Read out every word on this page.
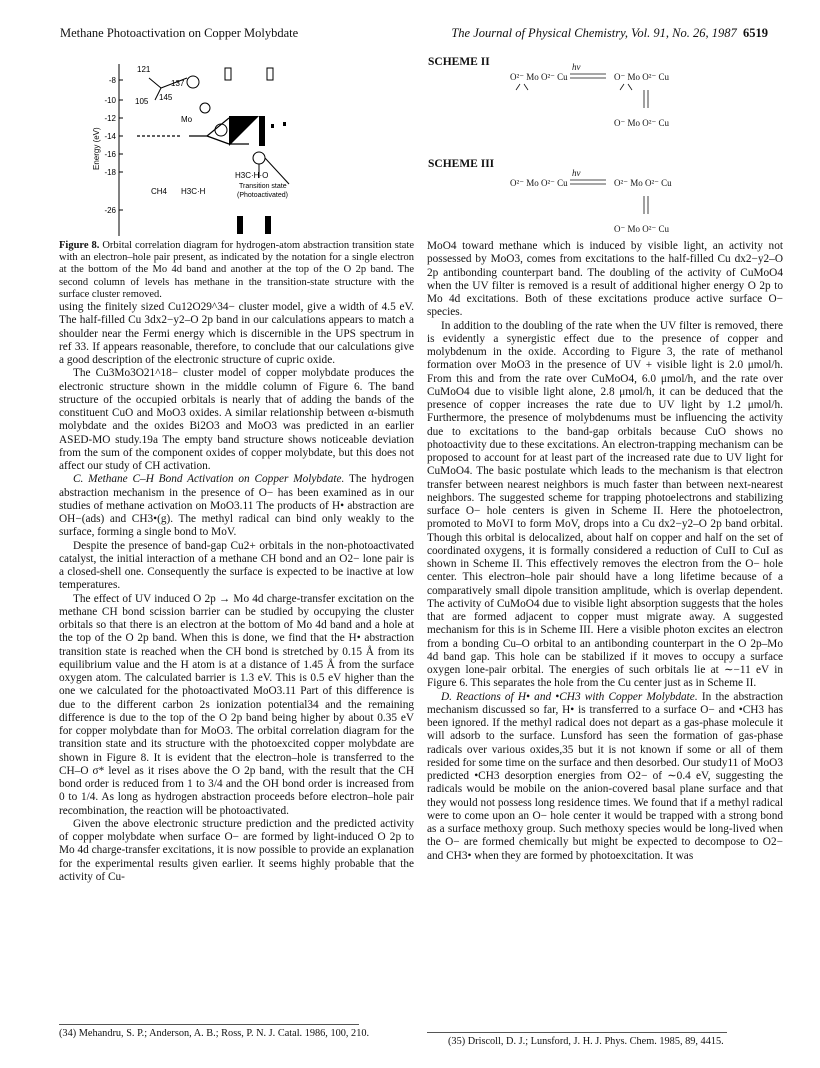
Methane Photoactivation on Copper Molybdate	The Journal of Physical Chemistry, Vol. 91, No. 26, 1987 6519
-8
-10
-12
-14
-16
-18
-26
Energy (eV)
121
137
105 145
Mo
CH4 H3C·H
H3C·H·O
Transition state
(Photoactivated)

Figure 8. Orbital correlation diagram for hydrogen-atom abstraction transition state with an electron–hole pair present, as indicated by the notation for a single electron at the bottom of the Mo 4d band and another at the top of the O 2p band. The second column of levels has methane in the transition-state structure with the surface cluster removed.

using the finitely sized Cu12O29^34− cluster model, give a width of 4.5 eV. The half-filled Cu 3dx2−y2–O 2p band in our calculations appears to match a shoulder near the Fermi energy which is discernible in the UPS spectrum in ref 33. If appears reasonable, therefore, to conclude that our calculations give a good description of the electronic structure of cupric oxide.

The Cu3Mo3O21^18− cluster model of copper molybdate produces the electronic structure shown in the middle column of Figure 6. The band structure of the occupied orbitals is nearly that of adding the bands of the constituent CuO and MoO3 oxides. A similar relationship between α-bismuth molybdate and the oxides Bi2O3 and MoO3 was predicted in an earlier ASED-MO study.19a The empty band structure shows noticeable deviation from the sum of the component oxides of copper molybdate, but this does not affect our study of CH activation.

C. Methane C–H Bond Activation on Copper Molybdate. The hydrogen abstraction mechanism in the presence of O− has been examined as in our studies of methane activation on MoO3.11 The products of H• abstraction are OH−(ads) and CH3•(g). The methyl radical can bind only weakly to the surface, forming a single bond to MoV.

Despite the presence of band-gap Cu2+ orbitals in the non-photoactivated catalyst, the initial interaction of a methane CH bond and an O2− lone pair is a closed-shell one. Consequently the surface is expected to be inactive at low temperatures.

The effect of UV induced O 2p → Mo 4d charge-transfer excitation on the methane CH bond scission barrier can be studied by occupying the cluster orbitals so that there is an electron at the bottom of Mo 4d band and a hole at the top of the O 2p band. When this is done, we find that the H• abstraction transition state is reached when the CH bond is stretched by 0.15 Å from its equilibrium value and the H atom is at a distance of 1.45 Å from the surface oxygen atom. The calculated barrier is 1.3 eV. This is 0.5 eV higher than the one we calculated for the photoactivated MoO3.11 Part of this difference is due to the different carbon 2s ionization potential34 and the remaining difference is due to the top of the O 2p band being higher by about 0.35 eV for copper molybdate than for MoO3. The orbital correlation diagram for the transition state and its structure with the photoexcited copper molybdate are shown in Figure 8. It is evident that the electron–hole is transferred to the CH–O σ* level as it rises above the O 2p band, with the result that the CH bond order is reduced from 1 to 3/4 and the OH bond order is increased from 0 to 1/4. As long as hydrogen abstraction proceeds before electron–hole pair recombination, the reaction will be photoactivated.

Given the above electronic structure prediction and the predicted activity of copper molybdate when surface O− are formed by light-induced O 2p to Mo 4d charge-transfer excitations, it is now possible to provide an explanation for the experimental results given earlier. It seems highly probable that the activity of Cu-

(34) Mehandru, S. P.; Anderson, A. B.; Ross, P. N. J. Catal. 1986, 100, 210.
SCHEME II
O²⁻ Mo O²⁻ Cu
hν
O⁻ Mo O²⁻ Cu
O⁻ Mo O²⁻ Cu
SCHEME III
O²⁻ Mo O²⁻ Cu
hν
O²⁻ Mo O²⁻ Cu
O⁻ Mo O²⁻ Cu

MoO4 toward methane which is induced by visible light, an activity not possessed by MoO3, comes from excitations to the half-filled Cu dx2−y2–O 2p antibonding counterpart band. The doubling of the activity of CuMoO4 when the UV filter is removed is a result of additional higher energy O 2p to Mo 4d excitations. Both of these excitations produce active surface O− species.

In addition to the doubling of the rate when the UV filter is removed, there is evidently a synergistic effect due to the presence of copper and molybdenum in the oxide. According to Figure 3, the rate of methanol formation over MoO3 in the presence of UV + visible light is 2.0 μmol/h. From this and from the rate over CuMoO4, 6.0 μmol/h, and the rate over CuMoO4 due to visible light alone, 2.8 μmol/h, it can be deduced that the presence of copper increases the rate due to UV light by 1.2 μmol/h. Furthermore, the presence of molybdenums must be influencing the activity due to excitations to the band-gap orbitals because CuO shows no photoactivity due to these excitations. An electron-trapping mechanism can be proposed to account for at least part of the increased rate due to UV light for CuMoO4. The basic postulate which leads to the mechanism is that electron transfer between nearest neighbors is much faster than between next-nearest neighbors. The suggested scheme for trapping photoelectrons and stabilizing surface O− hole centers is given in Scheme II. Here the photoelectron, promoted to MoVI to form MoV, drops into a Cu dx2−y2–O 2p band orbital. Though this orbital is delocalized, about half on copper and half on the set of coordinated oxygens, it is formally considered a reduction of CuII to CuI as shown in Scheme II. This effectively removes the electron from the O− hole center. This electron–hole pair should have a long lifetime because of a comparatively small dipole transition amplitude, which is overlap dependent. The activity of CuMoO4 due to visible light absorption suggests that the holes that are formed adjacent to copper must migrate away. A suggested mechanism for this is in Scheme III. Here a visible photon excites an electron from a bonding Cu–O orbital to an antibonding counterpart in the O 2p–Mo 4d band gap. This hole can be stabilized if it moves to occupy a surface oxygen lone-pair orbital. The energies of such orbitals lie at ∼−11 eV in Figure 6. This separates the hole from the Cu center just as in Scheme II.

D. Reactions of H• and •CH3 with Copper Molybdate. In the abstraction mechanism discussed so far, H• is transferred to a surface O− and •CH3 has been ignored. If the methyl radical does not depart as a gas-phase molecule it will adsorb to the surface. Lunsford has seen the formation of gas-phase radicals over various oxides,35 but it is not known if some or all of them resided for some time on the surface and then desorbed. Our study11 of MoO3 predicted •CH3 desorption energies from O2− of ∼0.4 eV, suggesting the radicals would be mobile on the anion-covered basal plane surface and that they would not possess long residence times. We found that if a methyl radical were to come upon an O− hole center it would be trapped with a strong bond as a surface methoxy group. Such methoxy species would be long-lived when the O− are formed chemically but might be expected to decompose to O2− and CH3• when they are formed by photoexcitation. It was

(35) Driscoll, D. J.; Lunsford, J. H. J. Phys. Chem. 1985, 89, 4415.
